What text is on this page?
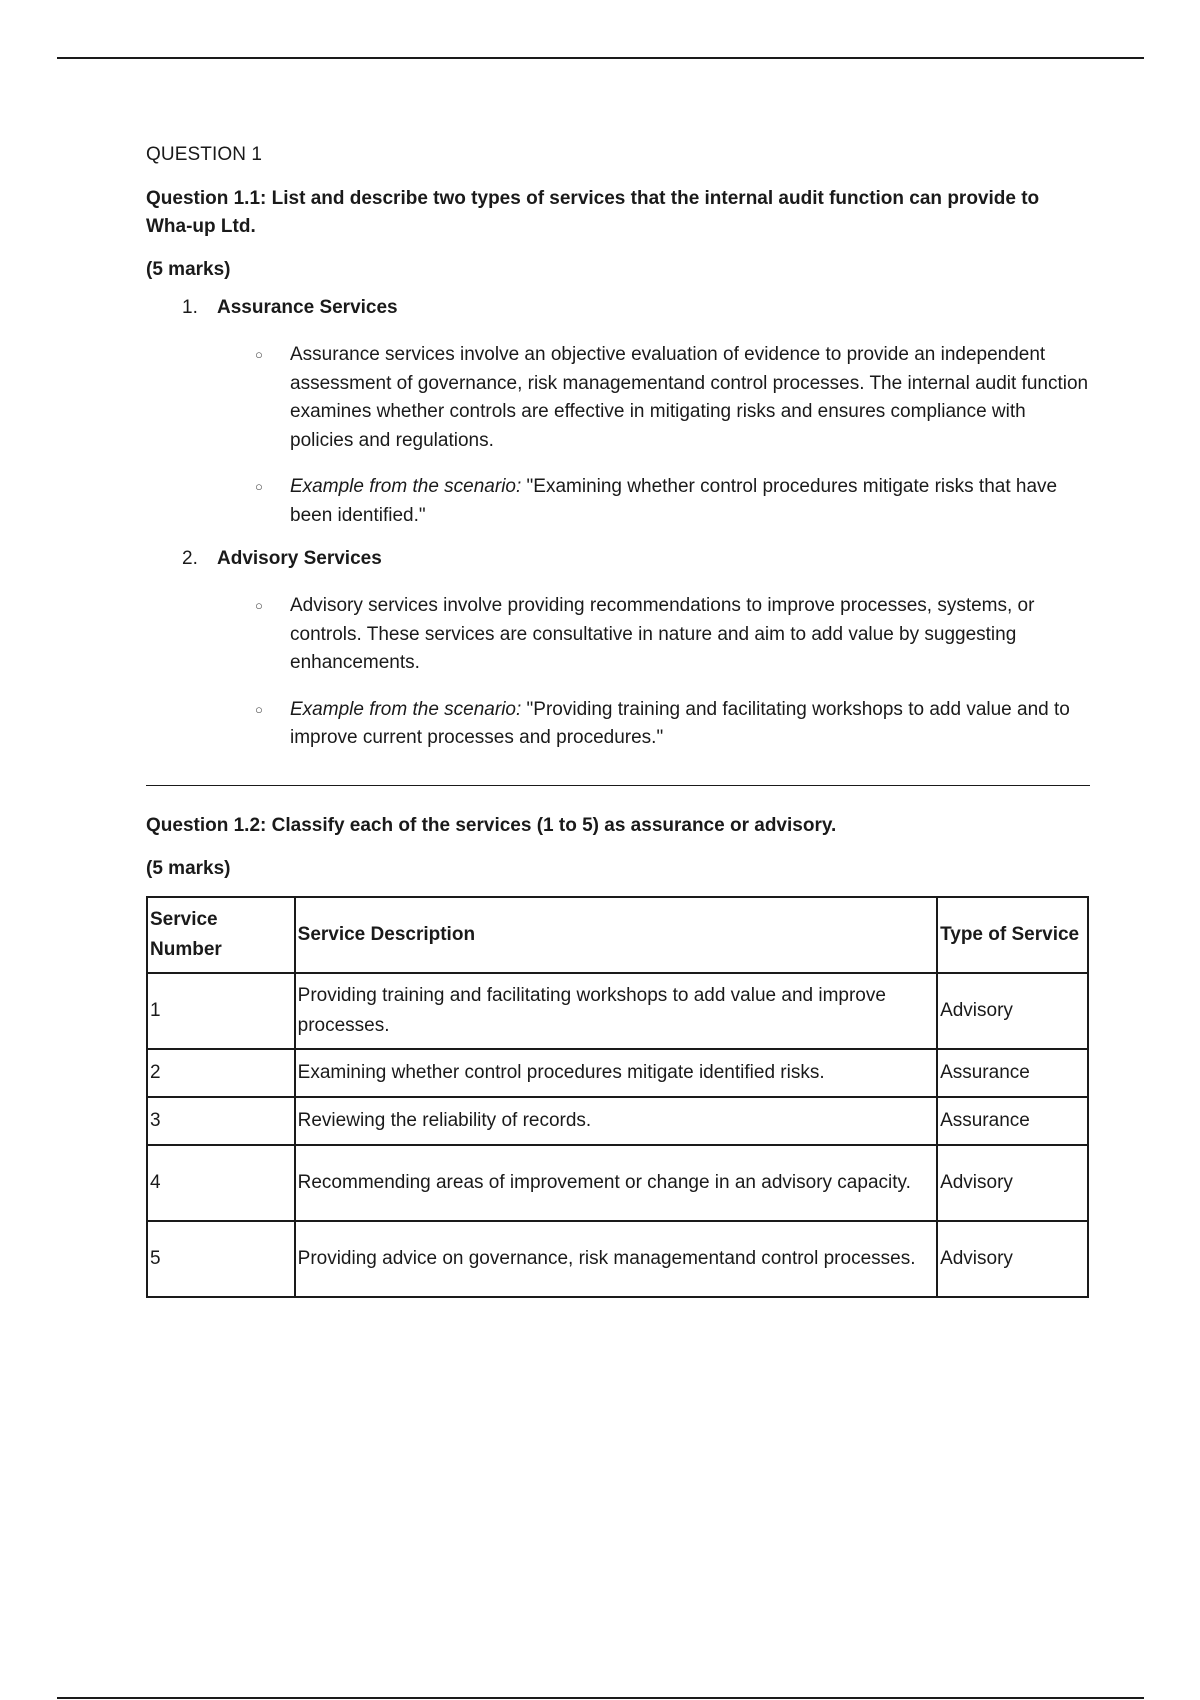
QUESTION 1
Question 1.1: List and describe two types of services that the internal audit function can provide to Wha-up Ltd.
(5 marks)
1. Assurance Services
○ Assurance services involve an objective evaluation of evidence to provide an independent assessment of governance, risk managementand control processes. The internal audit function examines whether controls are effective in mitigating risks and ensures compliance with policies and regulations.
○ Example from the scenario: "Examining whether control procedures mitigate risks that have been identified."
2. Advisory Services
○ Advisory services involve providing recommendations to improve processes, systems, or controls. These services are consultative in nature and aim to add value by suggesting enhancements.
○ Example from the scenario: "Providing training and facilitating workshops to add value and to improve current processes and procedures."
Question 1.2: Classify each of the services (1 to 5) as assurance or advisory.
(5 marks)
Service Number	Service Description	Type of Service
1	Providing training and facilitating workshops to add value and improve processes.	Advisory
2	Examining whether control procedures mitigate identified risks.	Assurance
3	Reviewing the reliability of records.	Assurance
4	Recommending areas of improvement or change in an advisory capacity.	Advisory
5	Providing advice on governance, risk managementand control processes.	Advisory
